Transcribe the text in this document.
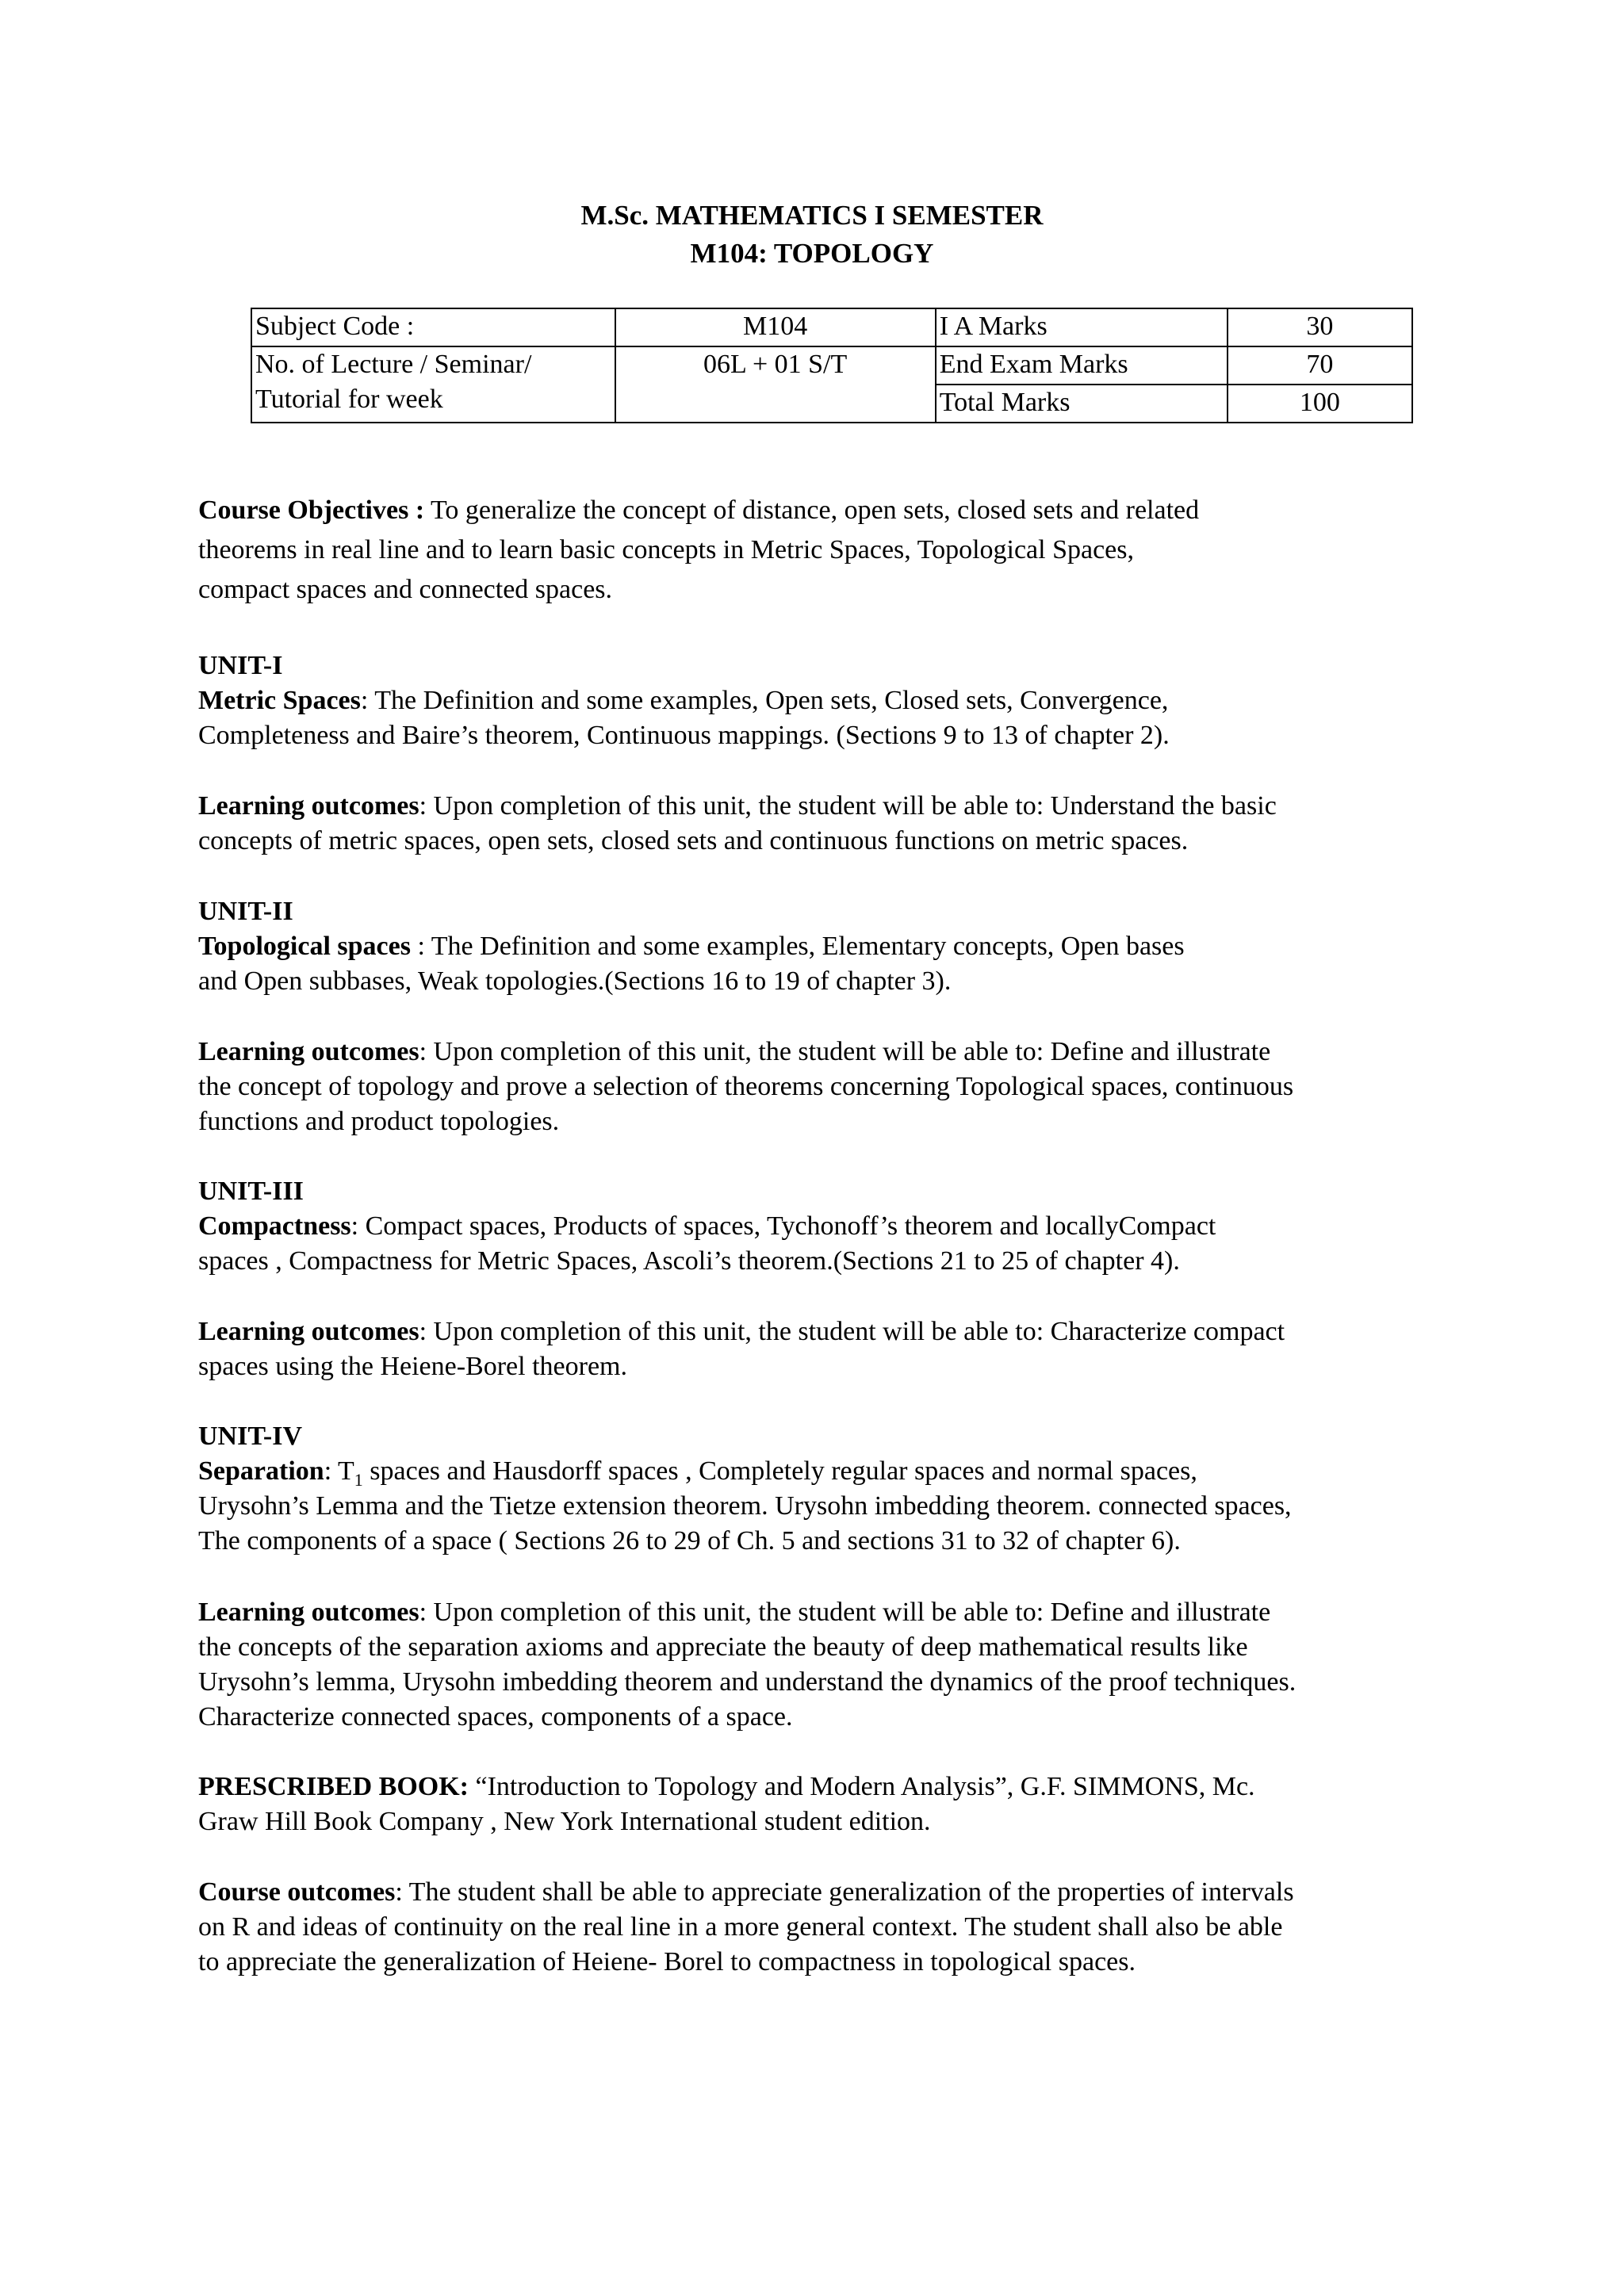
M.Sc. MATHEMATICS I SEMESTER
M104: TOPOLOGY
Subject Code :	M104	I A Marks	30

No. of Lecture / Seminar/
Tutorial for week	06L + 01 S/T	End Exam Marks	70
		Total Marks	100
Course Objectives : To generalize the concept of distance, open sets, closed sets and related
theorems in real line and to learn basic concepts in Metric Spaces, Topological Spaces,
compact spaces and connected spaces.
UNIT-I
Metric Spaces: The Definition and some examples, Open sets, Closed sets, Convergence,
Completeness and Baire’s theorem, Continuous mappings. (Sections 9 to 13 of chapter 2).
Learning outcomes: Upon completion of this unit, the student will be able to: Understand the basic
concepts of metric spaces, open sets, closed sets and continuous functions on metric spaces.
UNIT-II
Topological spaces : The Definition and some examples, Elementary concepts, Open bases
and Open subbases, Weak topologies.(Sections 16 to 19 of chapter 3).
Learning outcomes: Upon completion of this unit, the student will be able to: Define and illustrate
the concept of topology and prove a selection of theorems concerning Topological spaces, continuous
functions and product topologies.
UNIT-III
Compactness: Compact spaces, Products of spaces, Tychonoff’s theorem and locallyCompact
spaces , Compactness for Metric Spaces, Ascoli’s theorem.(Sections 21 to 25 of chapter 4).
Learning outcomes: Upon completion of this unit, the student will be able to: Characterize compact
spaces using the Heiene-Borel theorem.
UNIT-IV
Separation: $T_1$ spaces and Hausdorff spaces , Completely regular spaces and normal spaces,
Urysohn’s Lemma and the Tietze extension theorem. Urysohn imbedding theorem. connected spaces,
The components of a space ( Sections 26 to 29 of Ch. 5 and sections 31 to 32 of chapter 6).
Learning outcomes: Upon completion of this unit, the student will be able to: Define and illustrate
the concepts of the separation axioms and appreciate the beauty of deep mathematical results like
Urysohn’s lemma, Urysohn imbedding theorem and understand the dynamics of the proof techniques.
Characterize connected spaces, components of a space.
PRESCRIBED BOOK: “Introduction to Topology and Modern Analysis”, G.F. SIMMONS, Mc.
Graw Hill Book Company , New York International student edition.
Course outcomes: The student shall be able to appreciate generalization of the properties of intervals
on R and ideas of continuity on the real line in a more general context. The student shall also be able
to appreciate the generalization of Heiene- Borel to compactness in topological spaces.
